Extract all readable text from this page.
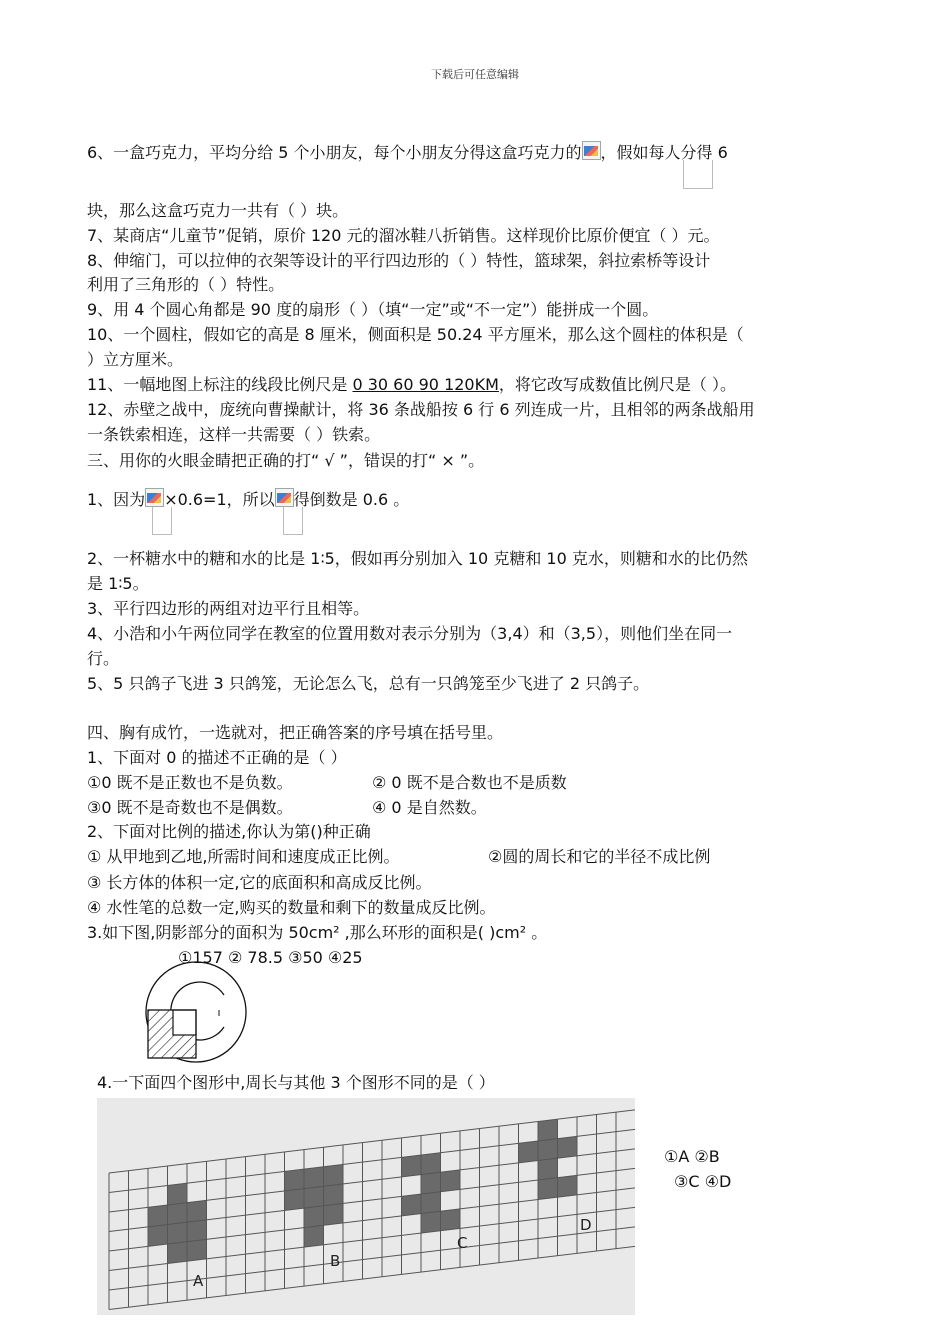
下载后可任意编辑
6、一盒巧克力，平均分给 5 个小朋友，每个小朋友分得这盒巧克力的 ，假如每人分得 6
块，那么这盒巧克力一共有（ ）块。
7、某商店“儿童节”促销，原价 120 元的溜冰鞋八折销售。这样现价比原价便宜（ ）元。
8、伸缩门，可以拉伸的衣架等设计的平行四边形的（ ）特性，篮球架，斜拉索桥等设计
利用了三角形的（ ）特性。
9、用 4 个圆心角都是 90 度的扇形（ ）（填“一定”或“不一定”）能拼成一个圆。
10、一个圆柱，假如它的高是 8 厘米，侧面积是 50.24 平方厘米，那么这个圆柱的体积是（
）立方厘米。
11、一幅地图上标注的线段比例尺是 0 30 60 90 120KM，将它改写成数值比例尺是（ ）。
12、赤壁之战中，庞统向曹操献计，将 36 条战船按 6 行 6 列连成一片，且相邻的两条战船用
一条铁索相连，这样一共需要（ ）铁索。
三、用你的火眼金睛把正确的打“ √ ”，错误的打“ × ”。
1、因为 ×0.6=1，所以 得倒数是 0.6 。
2、一杯糖水中的糖和水的比是 1∶5，假如再分别加入 10 克糖和 10 克水，则糖和水的比仍然
是 1∶5。
3、平行四边形的两组对边平行且相等。
4、小浩和小午两位同学在教室的位置用数对表示分别为（3,4）和（3,5），则他们坐在同一
行。
5、5 只鸽子飞进 3 只鸽笼，无论怎么飞，总有一只鸽笼至少飞进了 2 只鸽子。
四、胸有成竹，一选就对，把正确答案的序号填在括号里。
1、下面对 0 的描述不正确的是（ ）
①0 既不是正数也不是负数。	② 0 既不是合数也不是质数
③0 既不是奇数也不是偶数。	④ 0 是自然数。
2、下面对比例的描述,你认为第()种正确
① 从甲地到乙地,所需时间和速度成正比例。	②圆的周长和它的半径不成比例
③ 长方体的体积一定,它的底面积和高成反比例。
④ 水性笔的总数一定,购买的数量和剩下的数量成反比例。
3.如下图,阴影部分的面积为 50cm² ,那么环形的面积是( )cm² 。
①157 ② 78.5 ③50 ④25
4.一下面四个图形中,周长与其他 3 个图形不同的是（ ）
A
B
C
D
①A ②B
③C ④D
